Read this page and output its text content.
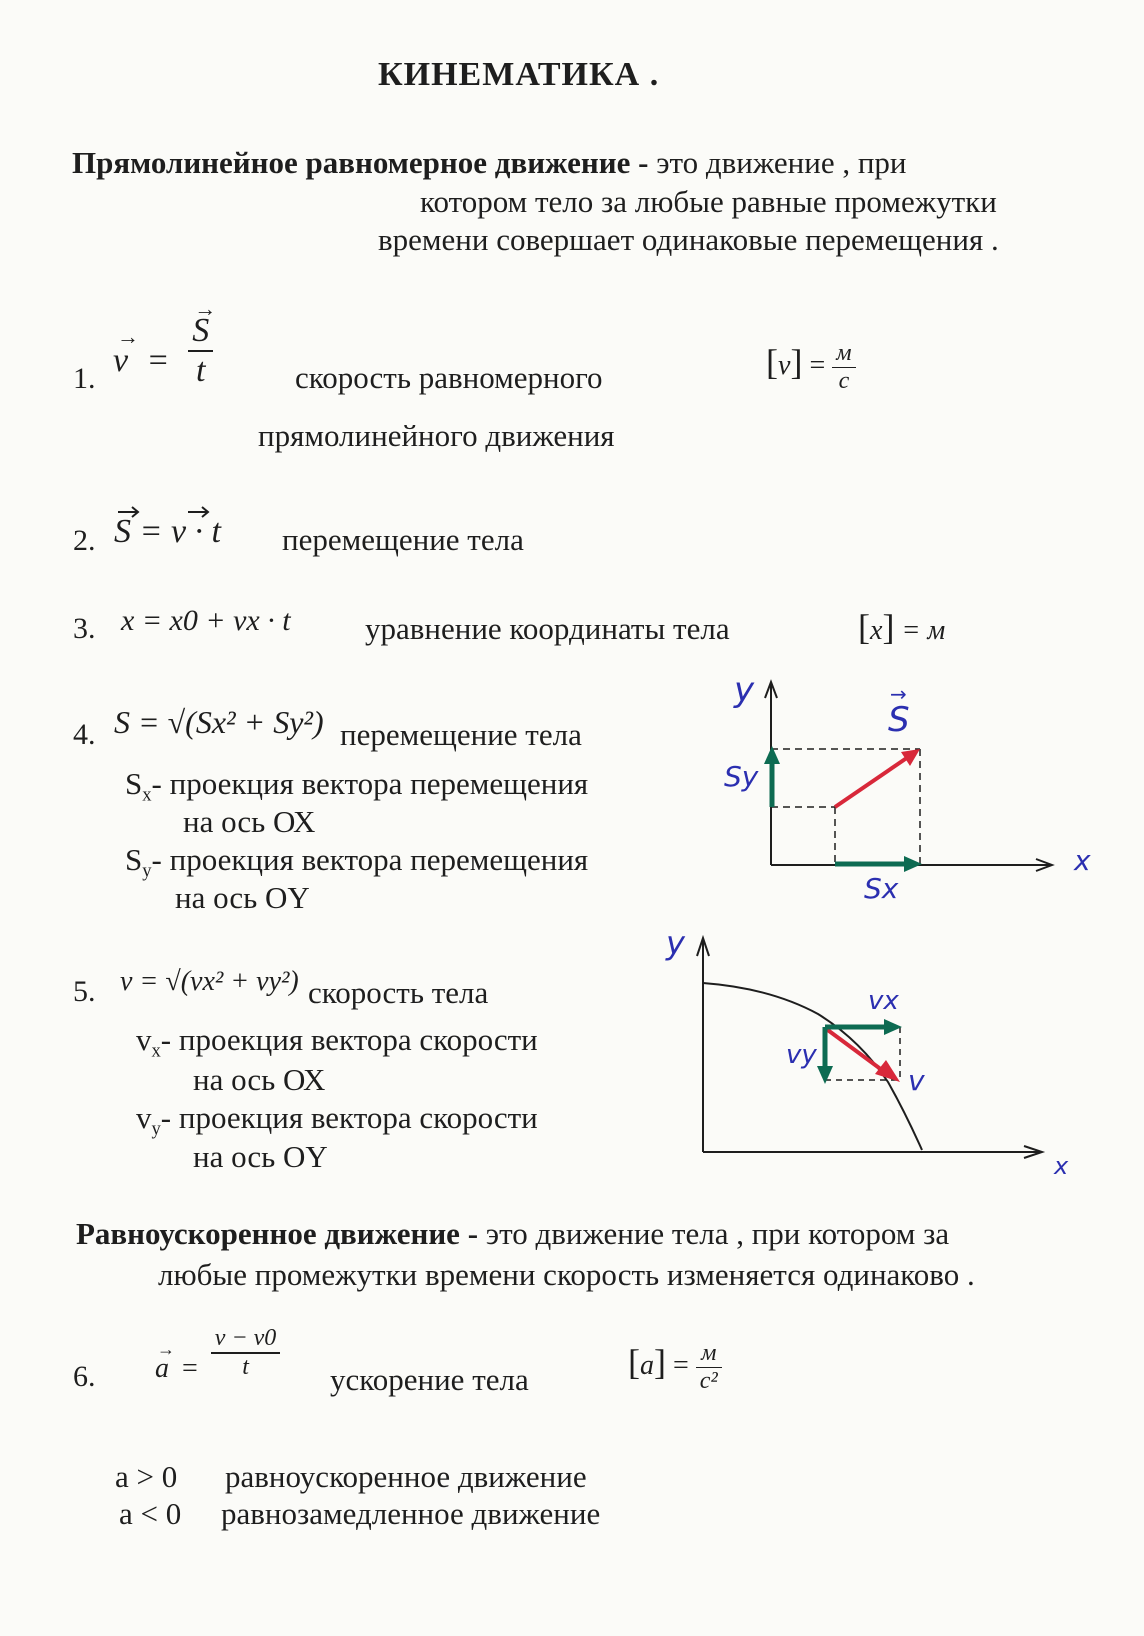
КИНЕМАТИКА .
Прямолинейное равномерное движение - это движение , при
котором тело за любые равные промежутки
времени совершает одинаковые перемещения .
1.
→
v = →
S
t	скорость равномерного
прямолинейного движения
$[v] = \frac{м}{с}$
2. S = v · t перемещение тела
3. x = x0 + vx · t уравнение координаты тела	[x] = м
4. S = √(Sx² + Sy²) перемещение тела
$S_x-$ проекция вектора перемещения
на ось ОХ
$S_y-$ проекция вектора перемещения
на ось ОY
y
x
→
S
Sy
Sx
5. v = √(vx² + vy²) скорость тела
$v_x-$ проекция вектора скорости
на ось ОХ
$v_y-$ проекция вектора скорости
на ось ОY
y
x
vx
vy
v
Равноускоренное движение - это движение тела , при котором за
любые промежутки времени скорость изменяется одинаково .
6.
→
$a = \frac{v - v0}{t}$ ускорение тела	$[a] = \frac{м}{\text{с²}}$
a > 0 равноускоренное движение
a < 0 равнозамедленное движение
